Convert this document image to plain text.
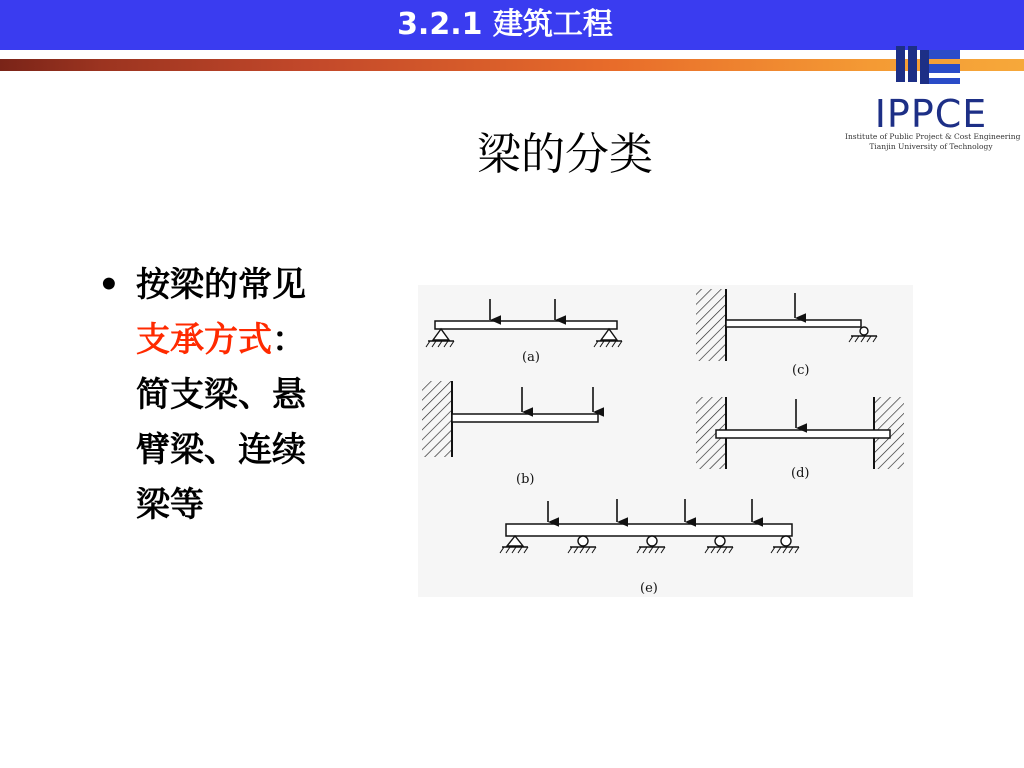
3.2.1 建筑工程
IPPCE
Institute of Public Project & Cost Engineering
Tianjin University of Technology
梁的分类
• 按梁的常见支承方式：简支梁、悬臂梁、连续梁等
(a)
(c)
(b)	(d)
(e)
